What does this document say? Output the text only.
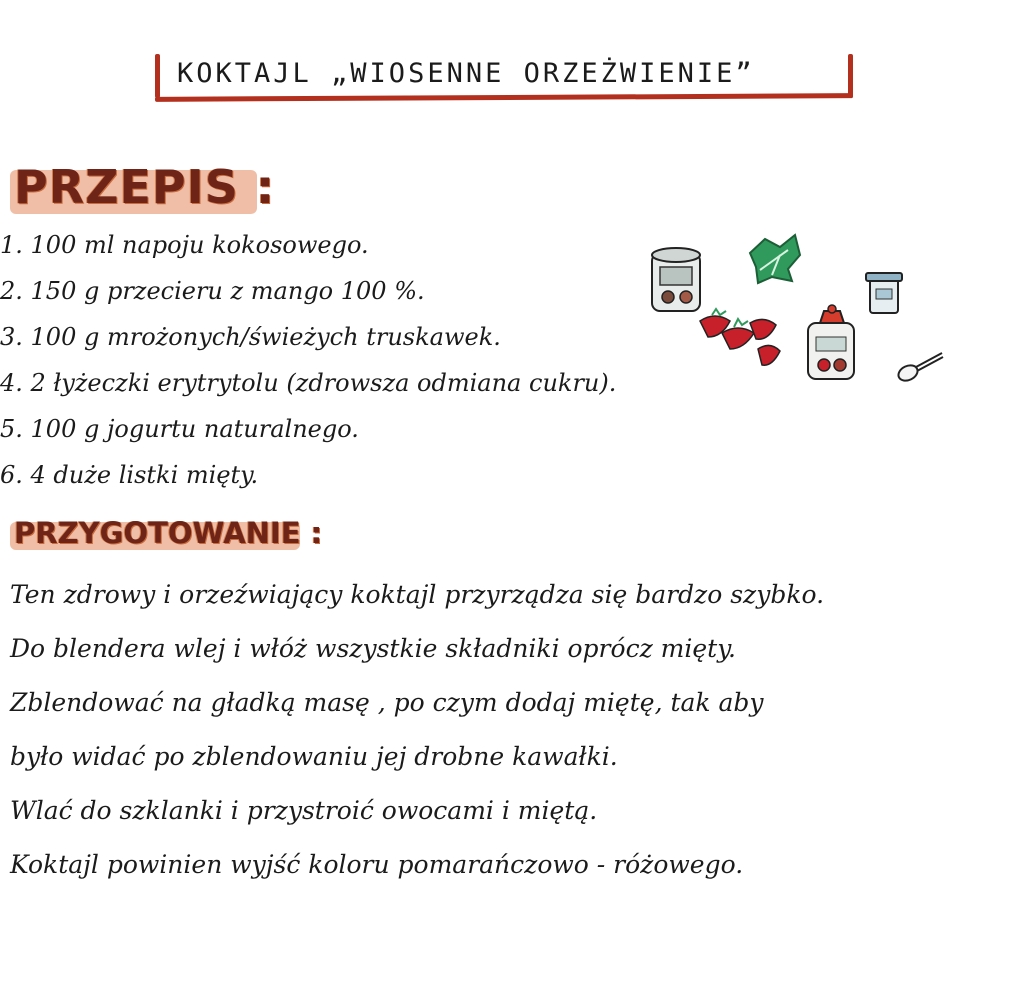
KOKTAJL „WIOSENNE ORZEŻWIENIE”
PRZEPIS :
1. 100 ml napoju kokosowego.
2. 150 g przecieru z mango 100 %.
3. 100 g mrożonych/świeżych truskawek.
4. 2 łyżeczki erytrytolu (zdrowsza odmiana cukru).
5. 100 g jogurtu naturalnego.
6. 4 duże listki mięty.
PRZYGOTOWANIE :
Ten zdrowy i orzeźwiający koktajl przyrządza się bardzo szybko.
Do blendera wlej i włóż wszystkie składniki oprócz mięty.
Zblendować na gładką masę , po czym dodaj miętę, tak aby
było widać po zblendowaniu jej drobne kawałki.
Wlać do szklanki i przystroić owocami i miętą.
Koktajl powinien wyjść koloru pomarańczowo - różowego.
